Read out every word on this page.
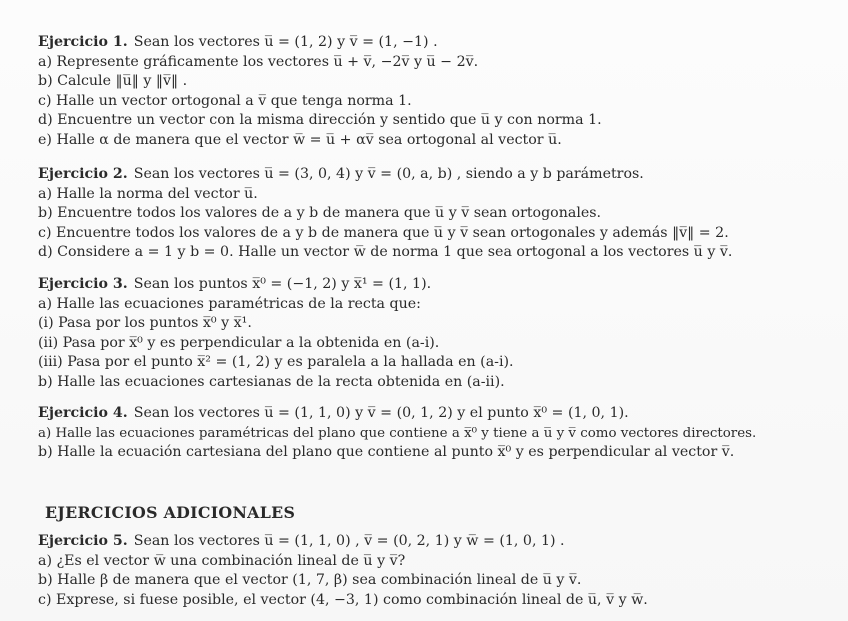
Ejercicio 1. Sean los vectores u̅ = (1, 2) y v̅ = (1, −1) .
a) Represente gráficamente los vectores u̅ + v̅, −2v̅ y u̅ − 2v̅.
b) Calcule ‖u̅‖ y ‖v̅‖ .
c) Halle un vector ortogonal a v̅ que tenga norma 1.
d) Encuentre un vector con la misma dirección y sentido que u̅ y con norma 1.
e) Halle α de manera que el vector w̅ = u̅ + αv̅ sea ortogonal al vector u̅.
Ejercicio 2. Sean los vectores u̅ = (3, 0, 4) y v̅ = (0, a, b) , siendo a y b parámetros.
a) Halle la norma del vector u̅.
b) Encuentre todos los valores de a y b de manera que u̅ y v̅ sean ortogonales.
c) Encuentre todos los valores de a y b de manera que u̅ y v̅ sean ortogonales y además ‖v̅‖ = 2.
d) Considere a = 1 y b = 0. Halle un vector w̅ de norma 1 que sea ortogonal a los vectores u̅ y v̅.
Ejercicio 3. Sean los puntos x̅⁰ = (−1, 2) y x̅¹ = (1, 1).
a) Halle las ecuaciones paramétricas de la recta que:
(i) Pasa por los puntos x̅⁰ y x̅¹.
(ii) Pasa por x̅⁰ y es perpendicular a la obtenida en (a-i).
(iii) Pasa por el punto x̅² = (1, 2) y es paralela a la hallada en (a-i).
b) Halle las ecuaciones cartesianas de la recta obtenida en (a-ii).
Ejercicio 4. Sean los vectores u̅ = (1, 1, 0) y v̅ = (0, 1, 2) y el punto x̅⁰ = (1, 0, 1).
a) Halle las ecuaciones paramétricas del plano que contiene a x̅⁰ y tiene a u̅ y v̅ como vectores directores.
b) Halle la ecuación cartesiana del plano que contiene al punto x̅⁰ y es perpendicular al vector v̅.
EJERCICIOS ADICIONALES
Ejercicio 5. Sean los vectores u̅ = (1, 1, 0) , v̅ = (0, 2, 1) y w̅ = (1, 0, 1) .
a) ¿Es el vector w̅ una combinación lineal de u̅ y v̅?
b) Halle β de manera que el vector (1, 7, β) sea combinación lineal de u̅ y v̅.
c) Exprese, si fuese posible, el vector (4, −3, 1) como combinación lineal de u̅, v̅ y w̅.
